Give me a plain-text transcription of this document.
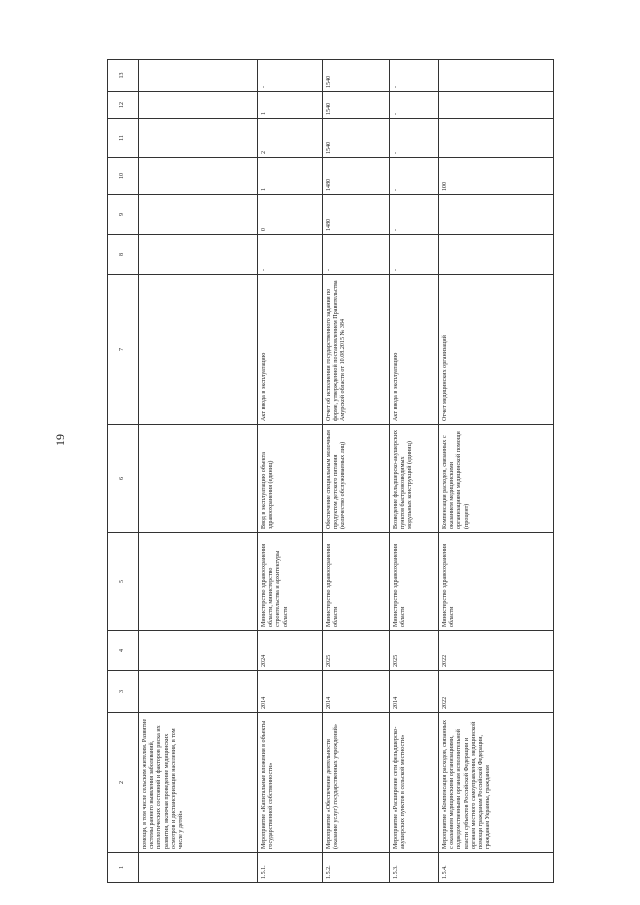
19
1	2	3	4	5	6	7	8	9	10	11	12	13
	помощи, в том числе сельским жителям. Развитие системы раннего выявления заболеваний, патологических состояний и факторов риска их развития, включая проведение медицинских осмотров и диспансеризации населения, в том числе у детей»											
1.5.1.	Мероприятие «Капитальные вложения в объекты государственной собственности»	2014	2024	Министерство здравоохранения области, министерство строительства и архитектуры области	Ввод в эксплуатацию объекта здравоохранения (единиц)	Акт ввода в эксплуатацию	-	0	1	2	1	-
1.5.2.	Мероприятие «Обеспечение деятельности (оказание услуг) государственных учреждений»	2014	2025	Министерство здравоохранения области	Обеспечение специальным молочным продуктом детского питания (количество обслуживаемых лиц)	Отчет об исполнении государственного задания по форме, утвержденной постановлением Правительства Амурской области от 10.08.2015 № 384	-	1480	1480	1540	1540	1540
1.5.3.	Мероприятие «Расширение сети фельдшерско-акушерских пунктов в сельской местности»	2014	2025	Министерство здравоохранения области	Возведение фельдшерско-акушерских пунктов быстровозводимых модульных конструкций (единиц)	Акт ввода в эксплуатацию	-	-	-	-	-	-
1.5.4.	Мероприятие «Компенсация расходов, связанных с оказанием медицинскими организациями, подведомственными органам исполнительной власти субъектов Российской Федерации и органам местного самоуправления, медицинской помощи гражданам Российской Федерации, гражданам Украины, гражданам	2022	2022	Министерство здравоохранения области	Компенсация расходов, связанных с оказанием медицинскими организациями медицинской помощи (процент)	Отчет медицинских организаций			100			
